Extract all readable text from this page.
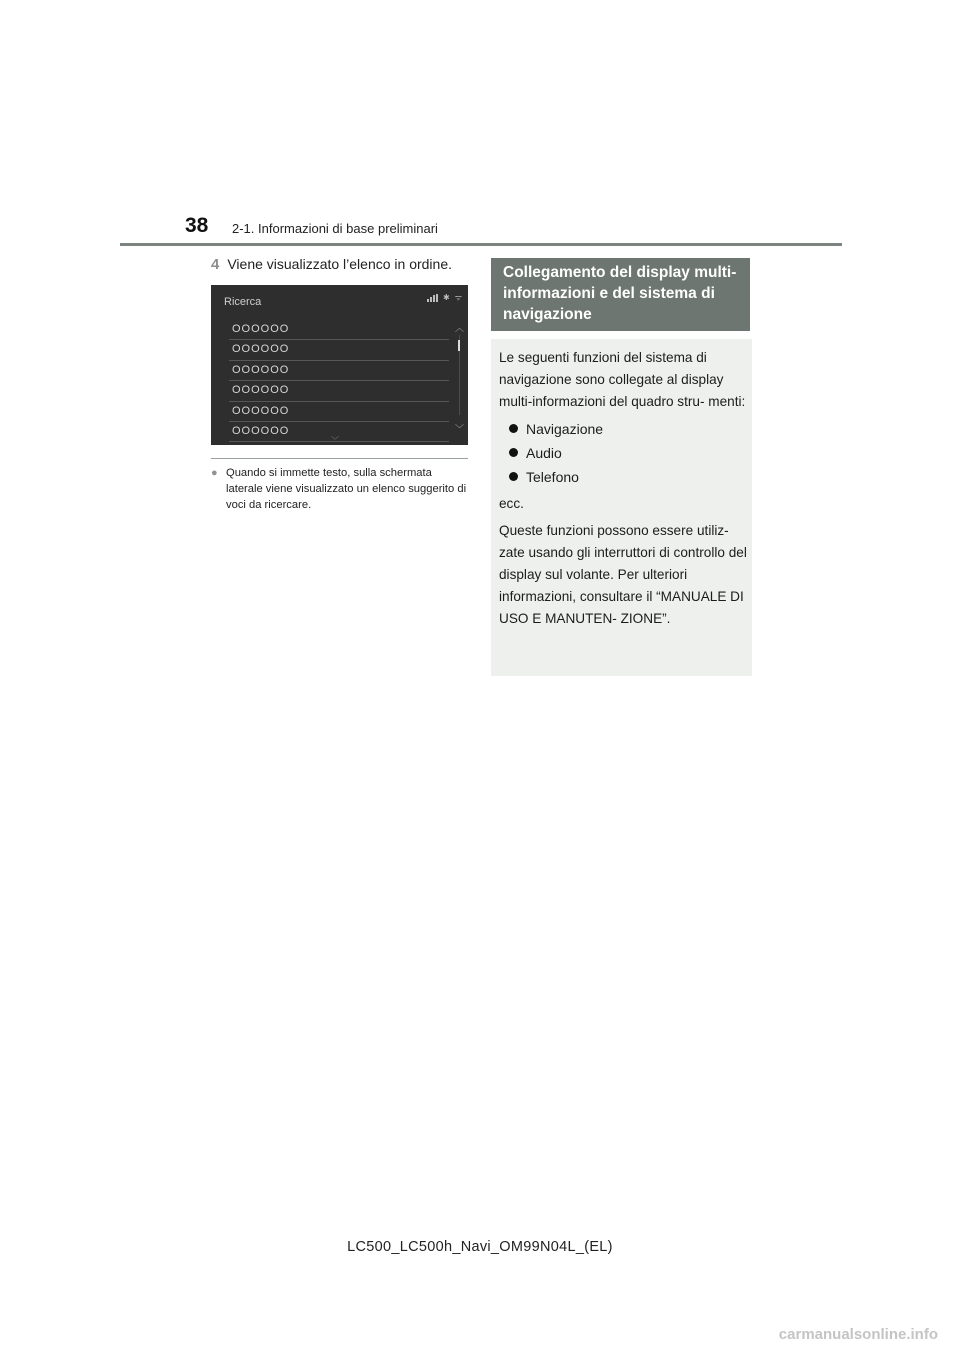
38 2-1. Informazioni di base preliminari
4 Viene visualizzato l’elenco in ordine.
Ricerca	✱ ᯤ
OOOOOO
OOOOOO
OOOOOO
OOOOOO
OOOOOO
OOOOOO
︿
﹀
﹀
● Quando si immette testo, sulla schermata laterale viene visualizzato un elenco suggerito di voci da ricercare.
Collegamento del display multi-informazioni e del sistema di navigazione

Le seguenti funzioni del sistema di navigazione sono collegate al display multi-informazioni del quadro stru- menti:

Navigazione
Audio
Telefono

ecc.

Queste funzioni possono essere utiliz- zate usando gli interruttori di controllo del display sul volante. Per ulteriori informazioni, consultare il “MANUALE DI USO E MANUTEN- ZIONE”.

LC500_LC500h_Navi_OM99N04L_(EL)
carmanualsonline.info
